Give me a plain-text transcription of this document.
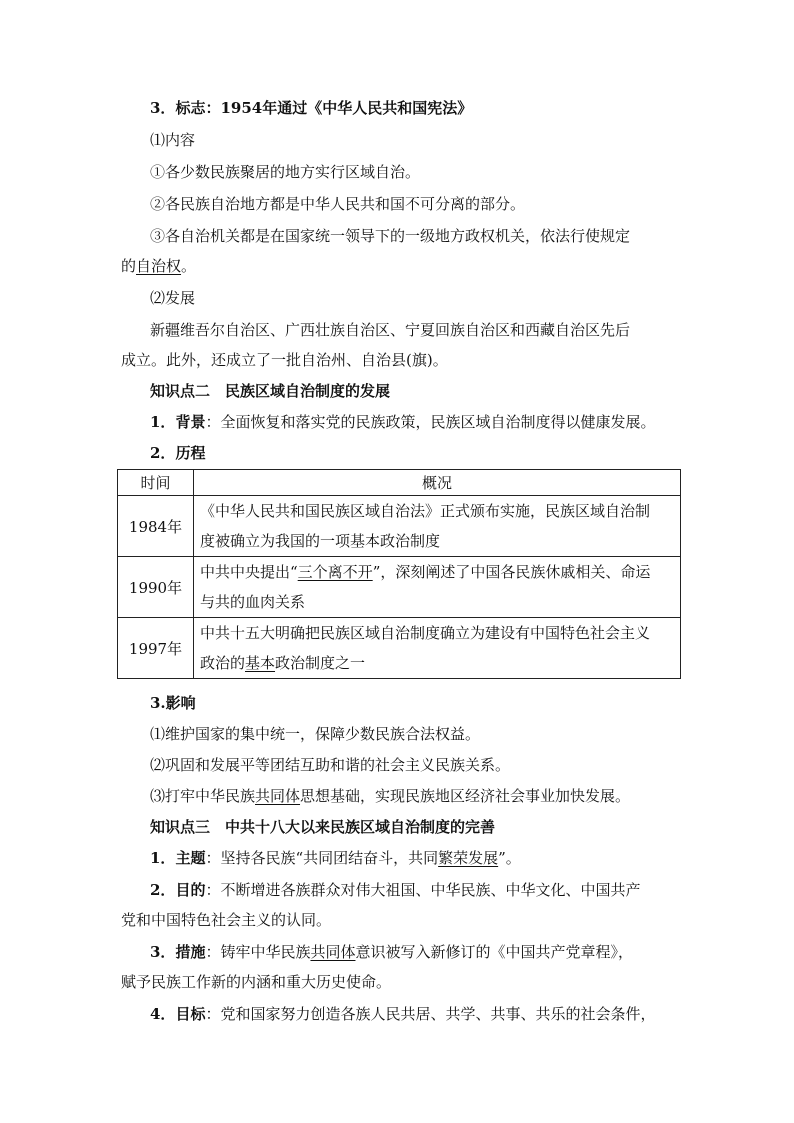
3．标志：1954年通过《中华人民共和国宪法》
⑴内容
①各少数民族聚居的地方实行区域自治。
②各民族自治地方都是中华人民共和国不可分离的部分。
③各自治机关都是在国家统一领导下的一级地方政权机关，依法行使规定
的自治权。
⑵发展
新疆维吾尔自治区、广西壮族自治区、宁夏回族自治区和西藏自治区先后
成立。此外，还成立了一批自治州、自治县(旗)。
知识点二　民族区域自治制度的发展
1．背景：全面恢复和落实党的民族政策，民族区域自治制度得以健康发展。
2．历程
时间	概况
1984年	《中华人民共和国民族区域自治法》正式颁布实施，民族区域自治制
度被确立为我国的一项基本政治制度

1990年	中共中央提出“三个离不开”，深刻阐述了中国各民族休戚相关、命运
与共的血肉关系

1997年	中共十五大明确把民族区域自治制度确立为建设有中国特色社会主义
政治的基本政治制度之一
3.影响
⑴维护国家的集中统一，保障少数民族合法权益。
⑵巩固和发展平等团结互助和谐的社会主义民族关系。
⑶打牢中华民族共同体思想基础，实现民族地区经济社会事业加快发展。
知识点三　中共十八大以来民族区域自治制度的完善
1．主题：坚持各民族“共同团结奋斗，共同繁荣发展”。
2．目的：不断增进各族群众对伟大祖国、中华民族、中华文化、中国共产
党和中国特色社会主义的认同。
3．措施：铸牢中华民族共同体意识被写入新修订的《中国共产党章程》，
赋予民族工作新的内涵和重大历史使命。
4．目标：党和国家努力创造各族人民共居、共学、共事、共乐的社会条件，
